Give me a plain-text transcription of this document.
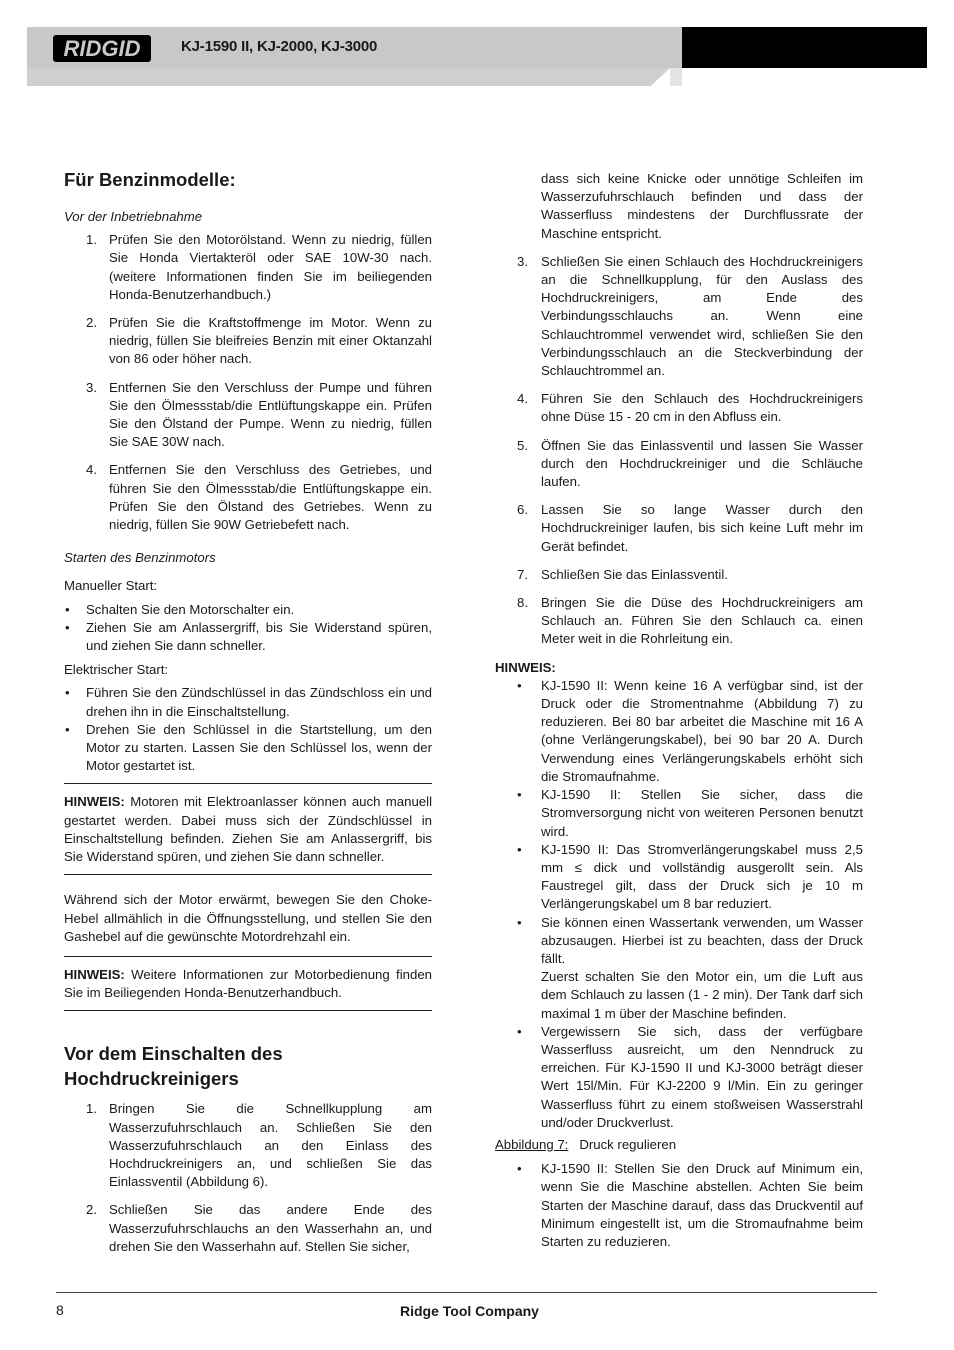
RIDGID	KJ-1590 II, KJ-2000, KJ-3000
Für Benzinmodelle:
Vor der Inbetriebnahme
1. Prüfen Sie den Motorölstand. Wenn zu niedrig, füllen Sie Honda Viertakteröl oder SAE 10W-30 nach. (weitere Informationen finden Sie im beiliegenden Honda-Benutzerhandbuch.)
2. Prüfen Sie die Kraftstoffmenge im Motor. Wenn zu niedrig, füllen Sie bleifreies Benzin mit einer Oktanzahl von 86 oder höher nach.
3. Entfernen Sie den Verschluss der Pumpe und führen Sie den Ölmessstab/die Entlüftungskappe ein. Prüfen Sie den Ölstand der Pumpe. Wenn zu niedrig, füllen Sie SAE 30W nach.
4. Entfernen Sie den Verschluss des Getriebes, und führen Sie den Ölmessstab/die Entlüftungskappe ein. Prüfen Sie den Ölstand des Getriebes. Wenn zu niedrig, füllen Sie 90W Getriebefett nach.
Starten des Benzinmotors
Manueller Start:
• Schalten Sie den Motorschalter ein.
• Ziehen Sie am Anlassergriff, bis Sie Widerstand spüren, und ziehen Sie dann schneller.
Elektrischer Start:
• Führen Sie den Zündschlüssel in das Zündschloss ein und drehen ihn in die Einschaltstellung.
• Drehen Sie den Schlüssel in die Startstellung, um den Motor zu starten. Lassen Sie den Schlüssel los, wenn der Motor gestartet ist.
HINWEIS: Motoren mit Elektroanlasser können auch manuell gestartet werden. Dabei muss sich der Zündschlüssel in Einschaltstellung befinden. Ziehen Sie am Anlassergriff, bis Sie Widerstand spüren, und ziehen Sie dann schneller.
Während sich der Motor erwärmt, bewegen Sie den Choke-Hebel allmählich in die Öffnungsstellung, und stellen Sie den Gashebel auf die gewünschte Motordrehzahl ein.
HINWEIS: Weitere Informationen zur Motorbedienung finden Sie im Beiliegenden Honda-Benutzerhandbuch.
Vor dem Einschalten des Hochdruckreinigers
1. Bringen Sie die Schnellkupplung am Wasserzufuhrschlauch an. Schließen Sie den Wasserzufuhrschlauch an den Einlass des Hochdruckreinigers an, und schließen Sie das Einlassventil (Abbildung 6).
2. Schließen Sie das andere Ende des Wasserzufuhrschlauchs an den Wasserhahn an, und drehen Sie den Wasserhahn auf. Stellen Sie sicher,
dass sich keine Knicke oder unnötige Schleifen im Wasserzufuhrschlauch befinden und dass der Wasserfluss mindestens der Durchflussrate der Maschine entspricht.
3. Schließen Sie einen Schlauch des Hochdruckreinigers an die Schnellkupplung, für den Auslass des Hochdruckreinigers, am Ende des Verbindungsschlauchs an. Wenn eine Schlauchtrommel verwendet wird, schließen Sie den Verbindungsschlauch an die Steckverbindung der Schlauchtrommel an.
4. Führen Sie den Schlauch des Hochdruckreinigers ohne Düse 15 - 20 cm in den Abfluss ein.
5. Öffnen Sie das Einlassventil und lassen Sie Wasser durch den Hochdruckreiniger und die Schläuche laufen.
6. Lassen Sie so lange Wasser durch den Hochdruckreiniger laufen, bis sich keine Luft mehr im Gerät befindet.
7. Schließen Sie das Einlassventil.
8. Bringen Sie die Düse des Hochdruckreinigers am Schlauch an. Führen Sie den Schlauch ca. einen Meter weit in die Rohrleitung ein.
HINWEIS:
• KJ-1590 II: Wenn keine 16 A verfügbar sind, ist der Druck oder die Stromentnahme (Abbildung 7) zu reduzieren. Bei 80 bar arbeitet die Maschine mit 16 A (ohne Verlängerungskabel), bei 90 bar 20 A. Durch Verwendung eines Verlängerungskabels erhöht sich die Stromaufnahme.
• KJ-1590 II: Stellen Sie sicher, dass die Stromversorgung nicht von weiteren Personen benutzt wird.
• KJ-1590 II: Das Stromverlängerungskabel muss 2,5 mm ≤ dick und vollständig ausgerollt sein. Als Faustregel gilt, dass der Druck sich je 10 m Verlängerungskabel um 8 bar reduziert.
• Sie können einen Wassertank verwenden, um Wasser abzusaugen. Hierbei ist zu beachten, dass der Druck fällt.
Zuerst schalten Sie den Motor ein, um die Luft aus dem Schlauch zu lassen (1 - 2 min). Der Tank darf sich maximal 1 m über der Maschine befinden.
• Vergewissern Sie sich, dass der verfügbare Wasserfluss ausreicht, um den Nenndruck zu erreichen. Für KJ-1590 II und KJ-3000 beträgt dieser Wert 15l/Min. Für KJ-2200 9 l/Min. Ein zu geringer Wasserfluss führt zu einem stoßweisen Wasserstrahl und/oder Druckverlust.
Abbildung 7: Druck regulieren
• KJ-1590 II: Stellen Sie den Druck auf Minimum ein, wenn Sie die Maschine abstellen. Achten Sie beim Starten der Maschine darauf, dass das Druckventil auf Minimum eingestellt ist, um die Stromaufnahme beim Starten zu reduzieren.
8	Ridge Tool Company
